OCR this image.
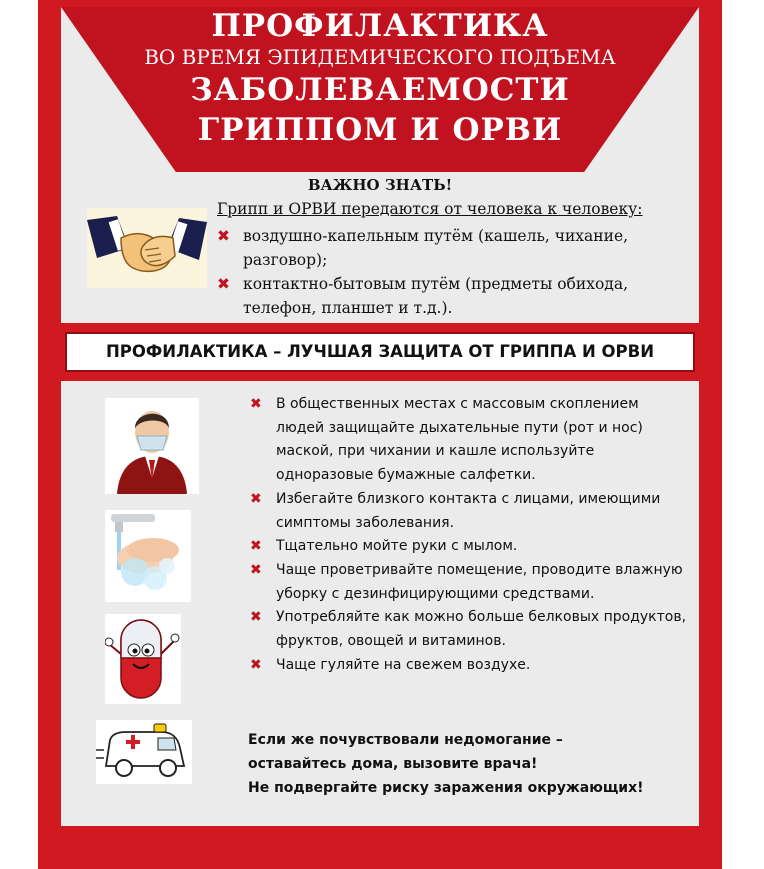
ПРОФИЛАКТИКА
ВО ВРЕМЯ ЭПИДЕМИЧЕСКОГО ПОДЪЕМА
ЗАБОЛЕВАЕМОСТИ
ГРИППОМ И ОРВИ
ВАЖНО ЗНАТЬ!
Грипп и ОРВИ передаются от человека к человеку:
✖ воздушно-капельным путём (кашель, чихание, разговор);
✖ контактно-бытовым путём (предметы обихода, телефон, планшет и т.д.).
ПРОФИЛАКТИКА – ЛУЧШАЯ ЗАЩИТА ОТ ГРИППА И ОРВИ
✖ В общественных местах с массовым скоплением людей защищайте дыхательные пути (рот и нос) маской, при чихании и кашле используйте одноразовые бумажные салфетки.
✖ Избегайте близкого контакта с лицами, имеющими симптомы заболевания.
✖ Тщательно мойте руки с мылом.
✖ Чаще проветривайте помещение, проводите влажную уборку с дезинфицирующими средствами.
✖ Употребляйте как можно больше белковых продуктов, фруктов, овощей и витаминов.
✖ Чаще гуляйте на свежем воздухе.
Если же почувствовали недомогание –
оставайтесь дома, вызовите врача!
Не подвергайте риску заражения окружающих!
